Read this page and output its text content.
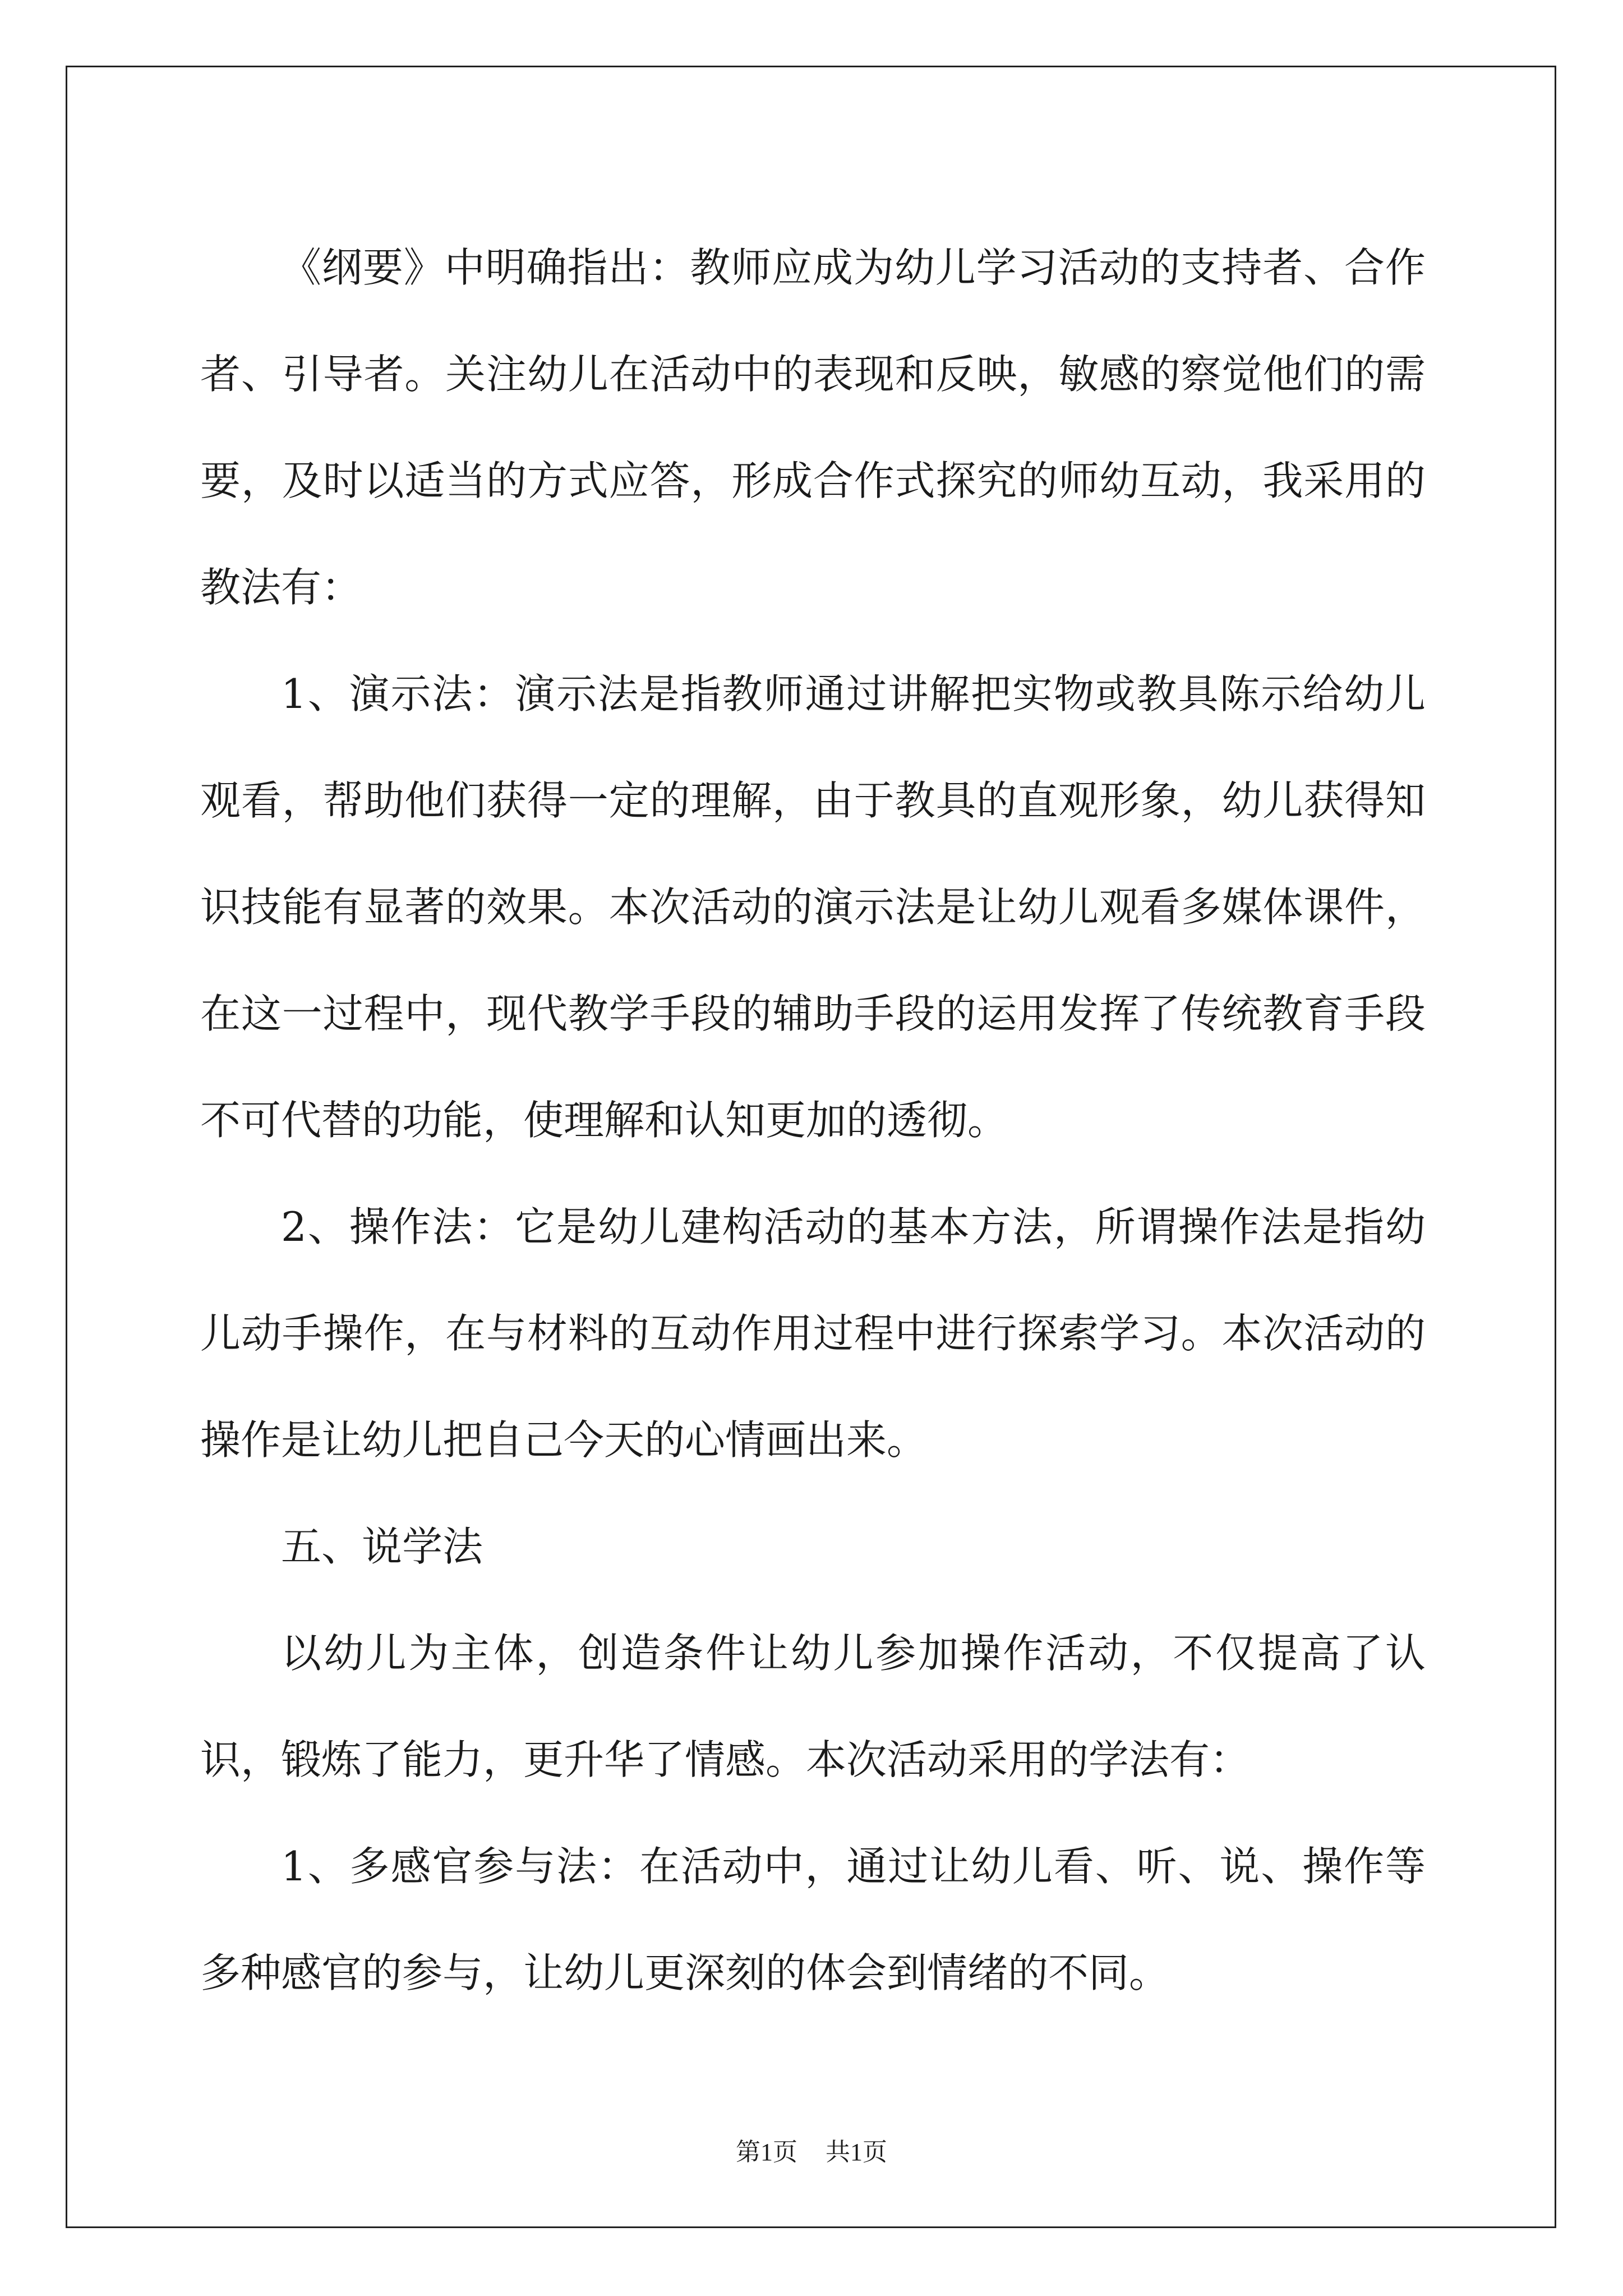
《纲要》中明确指出：教师应成为幼儿学习活动的支持者、合作者、引导者。关注幼儿在活动中的表现和反映，敏感的察觉他们的需要，及时以适当的方式应答，形成合作式探究的师幼互动，我采用的教法有：

1、演示法：演示法是指教师通过讲解把实物或教具陈示给幼儿观看，帮助他们获得一定的理解，由于教具的直观形象，幼儿获得知识技能有显著的效果。本次活动的演示法是让幼儿观看多媒体课件，在这一过程中，现代教学手段的辅助手段的运用发挥了传统教育手段不可代替的功能，使理解和认知更加的透彻。

2、操作法：它是幼儿建构活动的基本方法，所谓操作法是指幼儿动手操作，在与材料的互动作用过程中进行探索学习。本次活动的操作是让幼儿把自己今天的心情画出来。

五、说学法

以幼儿为主体，创造条件让幼儿参加操作活动，不仅提高了认识，锻炼了能力，更升华了情感。本次活动采用的学法有：

1、多感官参与法：在活动中，通过让幼儿看、听、说、操作等多种感官的参与，让幼儿更深刻的体会到情绪的不同。

第1页 共1页
